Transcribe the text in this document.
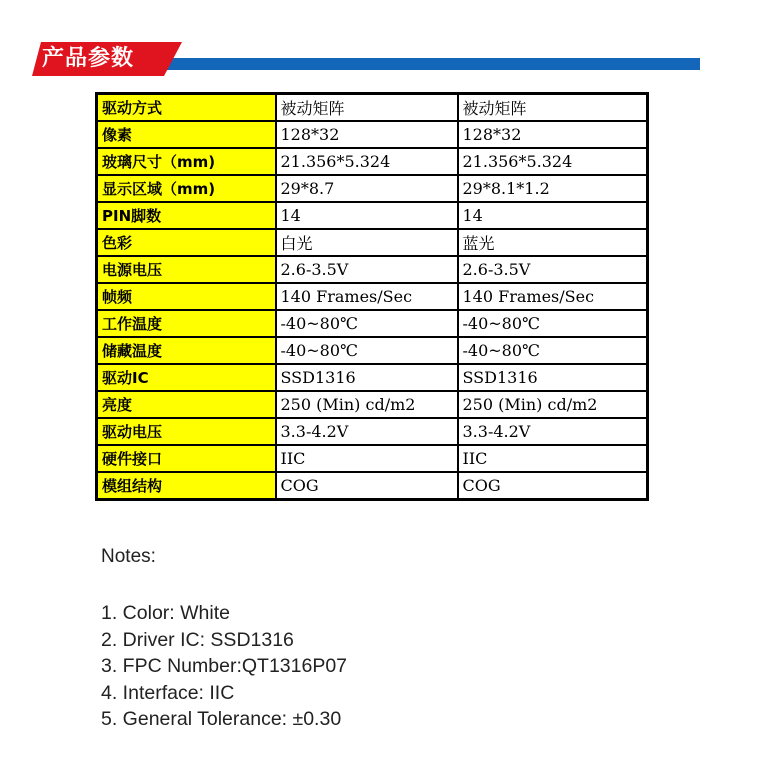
产品参数
驱动方式	被动矩阵	被动矩阵
像素	128*32	128*32
玻璃尺寸（mm)	21.356*5.324	21.356*5.324
显示区域（mm)	29*8.7	29*8.1*1.2
PIN脚数	14	14
色彩	白光	蓝光
电源电压	2.6-3.5V	2.6-3.5V
帧频	140 Frames/Sec	140 Frames/Sec
工作温度	-40~80℃	-40~80℃
储藏温度	-40~80℃	-40~80℃
驱动IC	SSD1316	SSD1316
亮度	250 (Min) cd/m2	250 (Min) cd/m2
驱动电压	3.3-4.2V	3.3-4.2V
硬件接口	IIC	IIC
模组结构	COG	COG

Notes:

1. Color: White
2. Driver IC: SSD1316
3. FPC Number:QT1316P07
4. Interface: IIC
5. General Tolerance: ±0.30
